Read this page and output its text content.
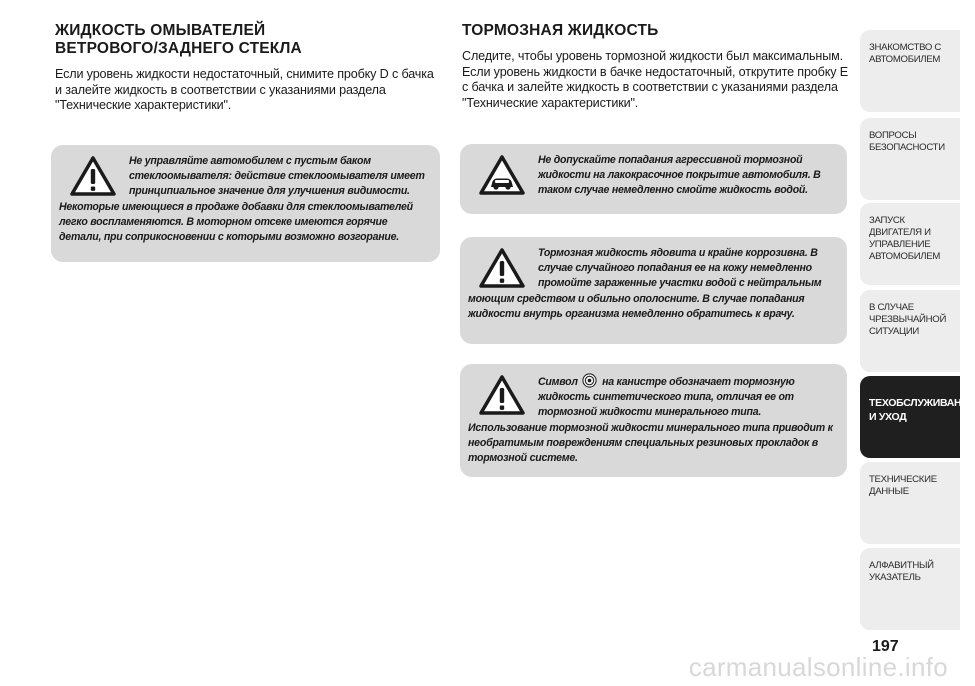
ЖИДКОСТЬ ОМЫВАТЕЛЕЙ
ВЕТРОВОГО/ЗАДНЕГО СТЕКЛА

Если уровень жидкости недостаточный, снимите пробку D с бачка и залейте жидкость в соответствии с указаниями раздела "Технические характеристики".

Не управляйте автомобилем с пустым баком стеклоомывателя: действие стеклоомывателя имеет принципиальное значение для улучшения видимости. Некоторые имеющиеся в продаже добавки для стеклоомывателей легко воспламеняются. В моторном отсеке имеются горячие детали, при соприкосновении с которыми возможно возгорание.

ТОРМОЗНАЯ ЖИДКОСТЬ

Следите, чтобы уровень тормозной жидкости был максимальным. Если уровень жидкости в бачке недостаточный, открутите пробку E с бачка и залейте жидкость в соответствии с указаниями раздела "Технические характеристики".

Не допускайте попадания агрессивной тормозной жидкости на лакокрасочное покрытие автомобиля. В таком случае немедленно смойте жидкость водой.

Тормозная жидкость ядовита и крайне коррозивна. В случае случайного попадания ее на кожу немедленно промойте зараженные участки водой с нейтральным моющим средством и обильно ополосните. В случае попадания жидкости внутрь организма немедленно обратитесь к врачу.

Символ на канистре обозначает тормозную жидкость синтетического типа, отличая ее от тормозной жидкости минерального типа. Использование тормозной жидкости минерального типа приводит к необратимым повреждениям специальных резиновых прокладок в тормозной системе.

ЗНАКОМСТВО С
АВТОМОБИЛЕМ
ВОПРОСЫ
БЕЗОПАСНОСТИ
ЗАПУСК ДВИГАТЕЛЯ И
УПРАВЛЕНИЕ
АВТОМОБИЛЕМ
В СЛУЧАЕ
ЧРЕЗВЫЧАЙНОЙ
СИТУАЦИИ
ТЕХОБСЛУЖИВАНИЕ
И УХОД
ТЕХНИЧЕСКИЕ
ДАННЫЕ
АЛФАВИТНЫЙ
УКАЗАТЕЛЬ
197
carmanualsonline.info
